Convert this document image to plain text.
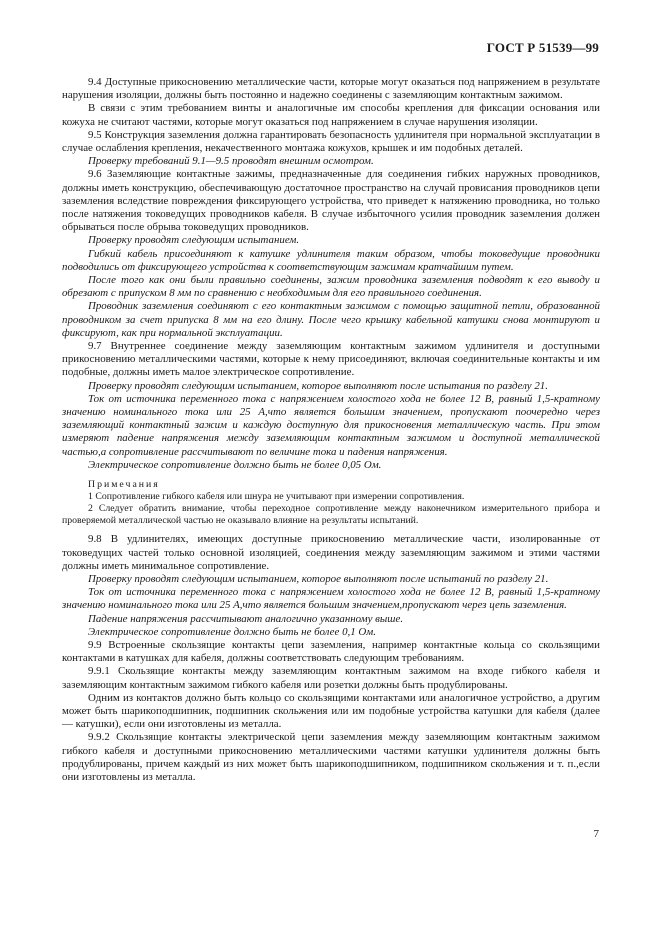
ГОСТ Р 51539—99

9.4 Доступные прикосновению металлические части, которые могут оказаться под напряжением в результате нарушения изоляции, должны быть постоянно и надежно соединены с заземляющим контактным зажимом.

В связи с этим требованием винты и аналогичные им способы крепления для фиксации основания или кожуха не считают частями, которые могут оказаться под напряжением в случае нарушения изоляции.

9.5 Конструкция заземления должна гарантировать безопасность удлинителя при нормальной эксплуатации в случае ослабления крепления, некачественного монтажа кожухов, крышек и им подобных деталей.

Проверку требований 9.1—9.5 проводят внешним осмотром.

9.6 Заземляющие контактные зажимы, предназначенные для соединения гибких наружных проводников, должны иметь конструкцию, обеспечивающую достаточное пространство на случай провисания проводников цепи заземления вследствие повреждения фиксирующего устройства, что приведет к натяжению проводника, но только после натяжения токоведущих проводников кабеля. В случае избыточного усилия проводник заземления должен обрываться после обрыва токоведущих проводников.

Проверку проводят следующим испытанием.

Гибкий кабель присоединяют к катушке удлинителя таким образом, чтобы токоведущие проводники подводились от фиксирующего устройства к соответствующим зажимам кратчайшим путем.

После того как они были правильно соединены, зажим проводника заземления подводят к его выводу и обрезают с припуском 8 мм по сравнению с необходимым для его правильного соединения.

Проводник заземления соединяют с его контактным зажимом с помощью защитной петли, образованной проводником за счет припуска 8 мм на его длину. После чего крышку кабельной катушки снова монтируют и фиксируют, как при нормальной эксплуатации.

9.7 Внутреннее соединение между заземляющим контактным зажимом удлинителя и доступными прикосновению металлическими частями, которые к нему присоединяют, включая соединительные контакты и им подобные, должны иметь малое электрическое сопротивление.

Проверку проводят следующим испытанием, которое выполняют после испытания по разделу 21.

Ток от источника переменного тока с напряжением холостого хода не более 12 В, равный 1,5-кратному значению номинального тока или 25 А,что является большим значением, пропускают поочередно через заземляющий контактный зажим и каждую доступную для прикосновения металлическую часть. При этом измеряют падение напряжения между заземляющим контактным зажимом и доступной металлической частью,а сопротивление рассчитывают по величине тока и падения напряжения.

Электрическое сопротивление должно быть не более 0,05 Ом.

Примечания

1 Сопротивление гибкого кабеля или шнура не учитывают при измерении сопротивления.

2 Следует обратить внимание, чтобы переходное сопротивление между наконечником измерительного прибора и проверяемой металлической частью не оказывало влияние на результаты испытаний.

9.8 В удлинителях, имеющих доступные прикосновению металлические части, изолированные от токоведущих частей только основной изоляцией, соединения между заземляющим зажимом и этими частями должны иметь минимальное сопротивление.

Проверку проводят следующим испытанием, которое выполняют после испытаний по разделу 21.

Ток от источника переменного тока с напряжением холостого хода не более 12 В, равный 1,5-кратному значению номинального тока или 25 А,что является большим значением,пропускают через цепь заземления.

Падение напряжения рассчитывают аналогично указанному выше.

Электрическое сопротивление должно быть не более 0,1 Ом.

9.9 Встроенные скользящие контакты цепи заземления, например контактные кольца со скользящими контактами в катушках для кабеля, должны соответствовать следующим требованиям.

9.9.1 Скользящие контакты между заземляющим контактным зажимом на входе гибкого кабеля и заземляющим контактным зажимом гибкого кабеля или розетки должны быть продублированы.

Одним из контактов должно быть кольцо со скользящими контактами или аналогичное устройство, а другим может быть шарикоподшипник, подшипник скольжения или им подобные устройства катушки для кабеля (далее — катушки), если они изготовлены из металла.

9.9.2 Скользящие контакты электрической цепи заземления между заземляющим контактным зажимом гибкого кабеля и доступными прикосновению металлическими частями катушки удлинителя должны быть продублированы, причем каждый из них может быть шарикоподшипником, подшипником скольжения и т. п.,если они изготовлены из металла.

7
